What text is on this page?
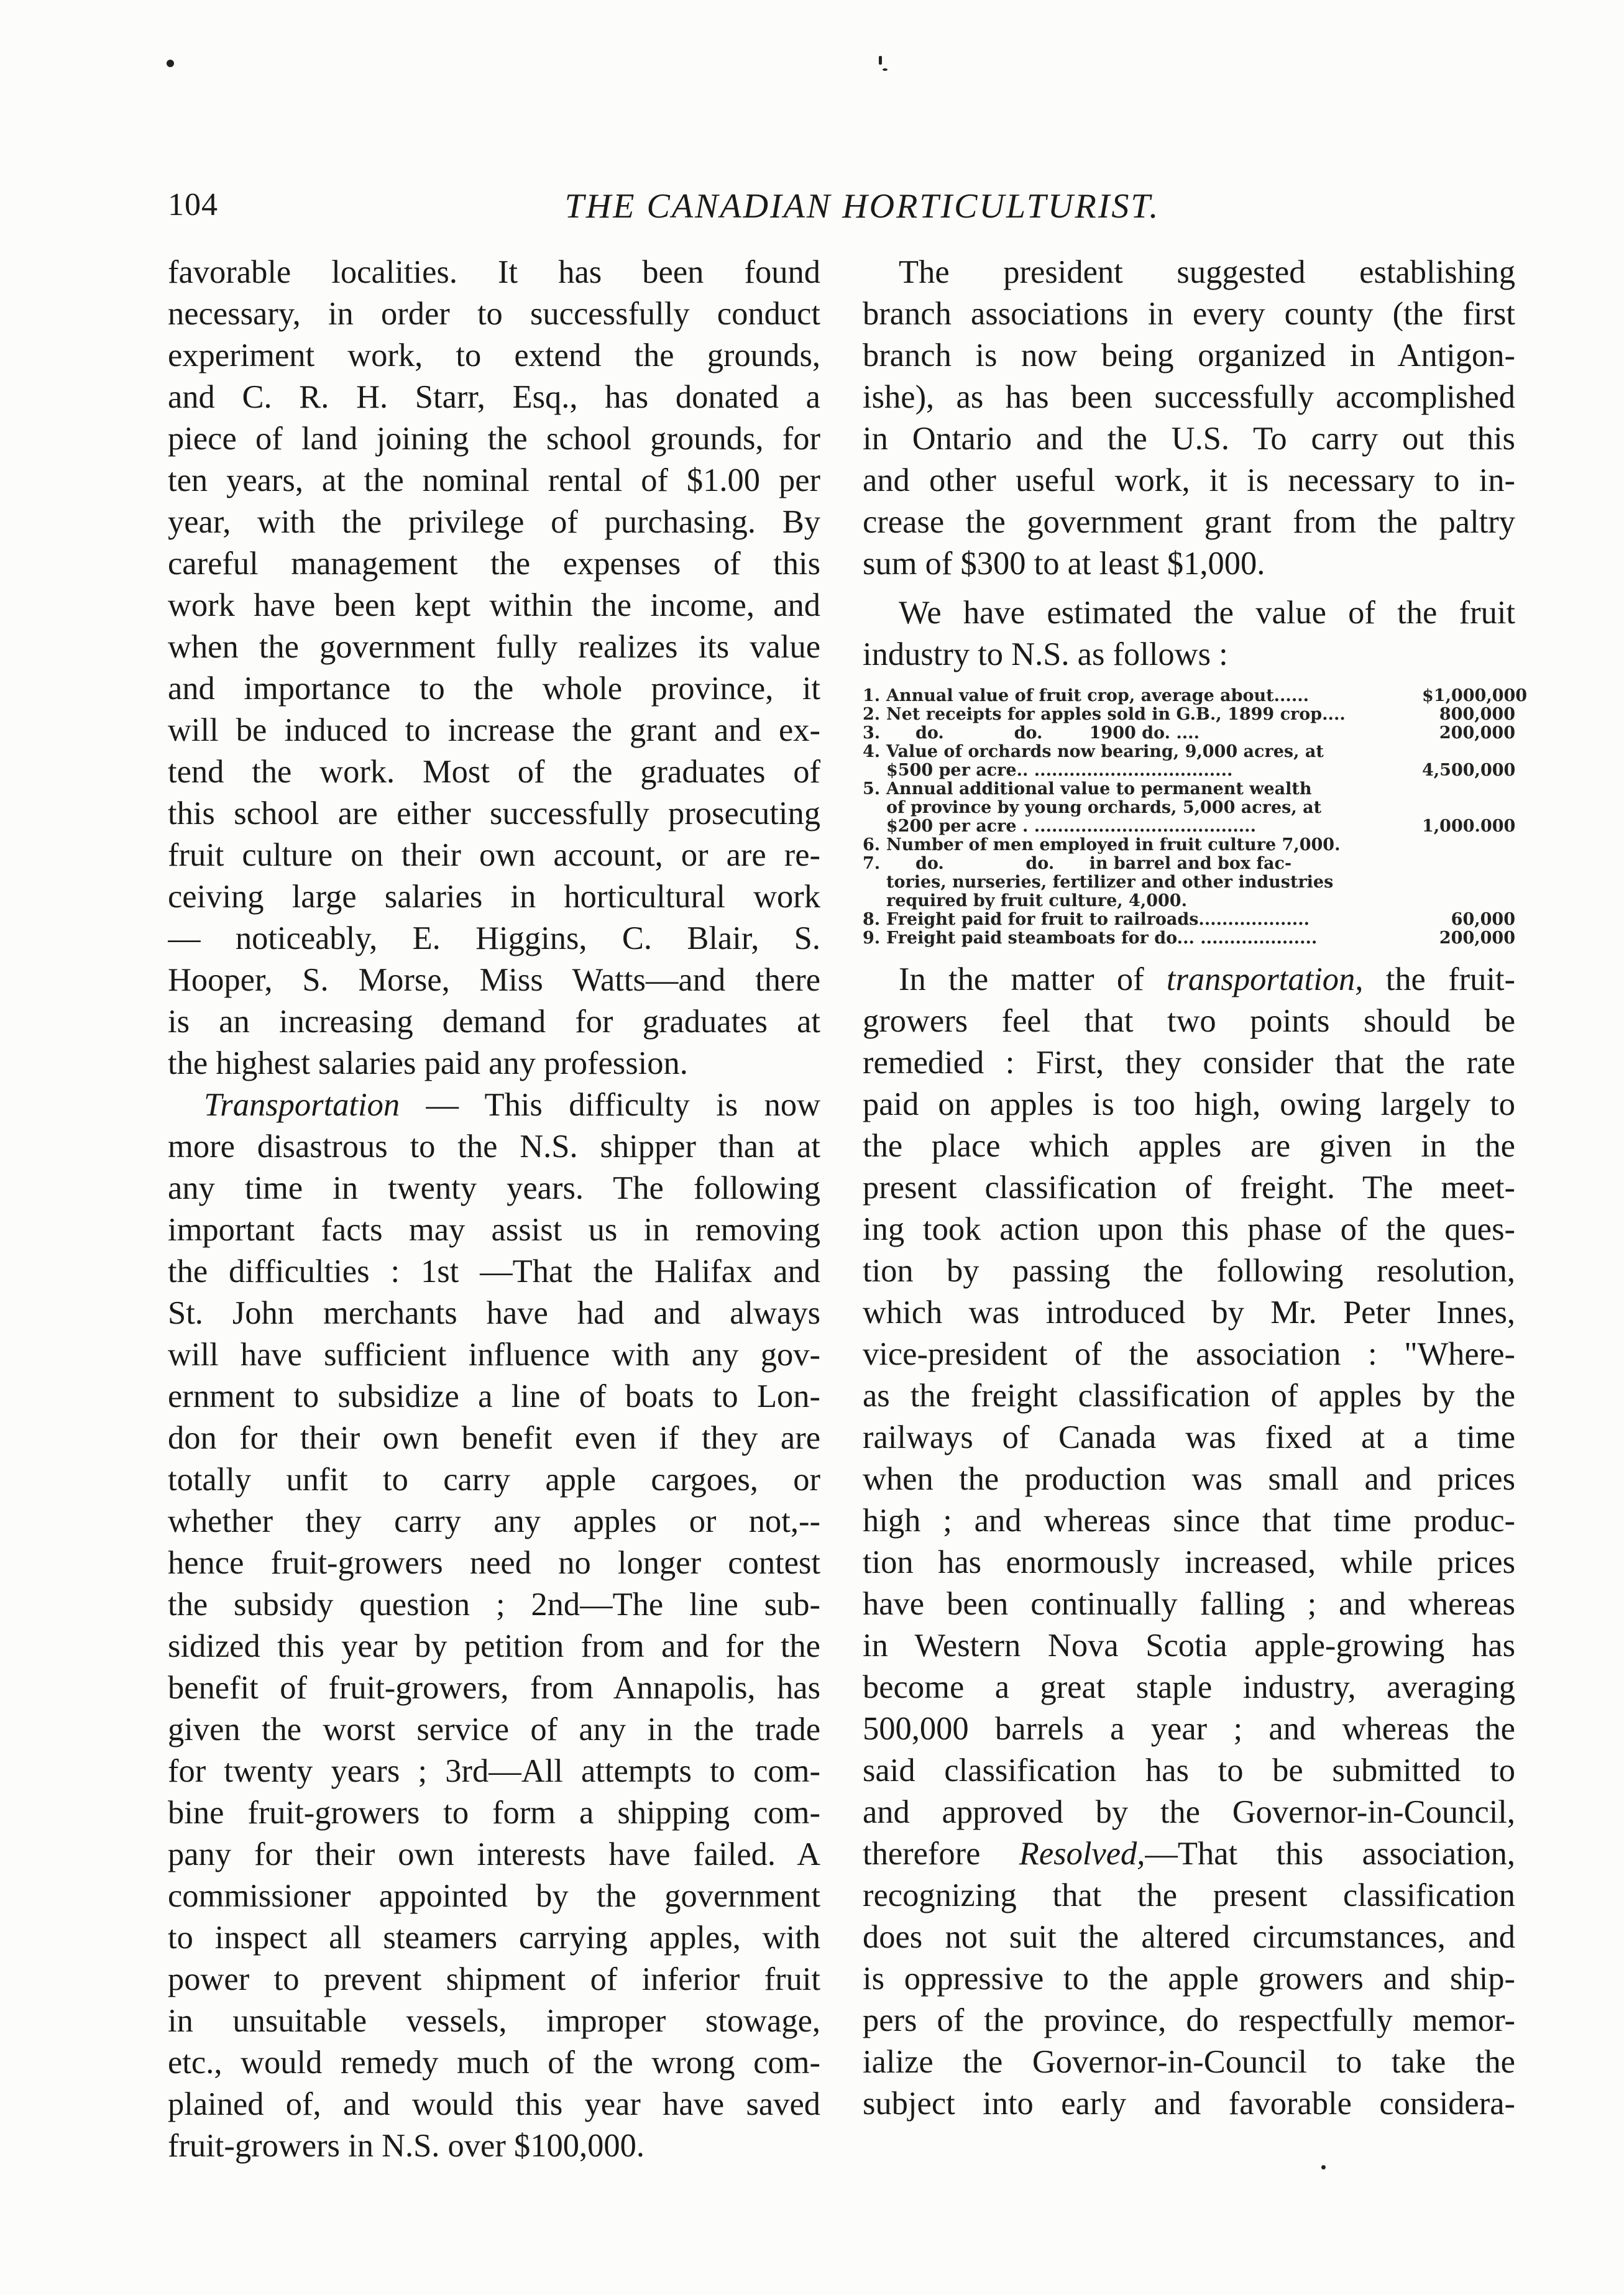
104	THE CANADIAN HORTICULTURIST.
favorable localities. It has been found
necessary, in order to successfully conduct
experiment work, to extend the grounds,
and C. R. H. Starr, Esq., has donated a
piece of land joining the school grounds, for
ten years, at the nominal rental of $1.00 per
year, with the privilege of purchasing. By
careful management the expenses of this
work have been kept within the income, and
when the government fully realizes its value
and importance to the whole province, it
will be induced to increase the grant and ex-
tend the work. Most of the graduates of
this school are either successfully prosecuting
fruit culture on their own account, or are re-
ceiving large salaries in horticultural work
— noticeably, E. Higgins, C. Blair, S.
Hooper, S. Morse, Miss Watts—and there
is an increasing demand for graduates at
the highest salaries paid any profession.
Transportation — This difficulty is now
more disastrous to the N.S. shipper than at
any time in twenty years. The following
important facts may assist us in removing
the difficulties : 1st —That the Halifax and
St. John merchants have had and always
will have sufficient influence with any gov-
ernment to subsidize a line of boats to Lon-
don for their own benefit even if they are
totally unfit to carry apple cargoes, or
whether they carry any apples or not,--
hence fruit-growers need no longer contest
the subsidy question ; 2nd—The line sub-
sidized this year by petition from and for the
benefit of fruit-growers, from Annapolis, has
given the worst service of any in the trade
for twenty years ; 3rd—All attempts to com-
bine fruit-growers to form a shipping com-
pany for their own interests have failed. A
commissioner appointed by the government
to inspect all steamers carrying apples, with
power to prevent shipment of inferior fruit
in unsuitable vessels, improper stowage,
etc., would remedy much of the wrong com-
plained of, and would this year have saved
fruit-growers in N.S. over $100,000.
The president suggested establishing
branch associations in every county (the first
branch is now being organized in Antigon-
ishe), as has been successfully accomplished
in Ontario and the U.S. To carry out this
and other useful work, it is necessary to in-
crease the government grant from the paltry
sum of $300 to at least $1,000.
We have estimated the value of the fruit
industry to N.S. as follows :
1. Annual value of fruit crop, average about......	$1,000,000
2. Net receipts for apples sold in G.B., 1899 crop....	800,000
3. do.            do.        1900 do. ....	200,000
4. Value of orchards now bearing, 9,000 acres, at
$500 per acre.. ..................................	4,500,000
5. Annual additional value to permanent wealth
of province by young orchards, 5,000 acres, at
$200 per acre . ......................................	1,000.000
6. Number of men employed in fruit culture 7,000.
7. do.              do.      in barrel and box fac-
tories, nurseries, fertilizer and other industries
required by fruit culture, 4,000.
8. Freight paid for fruit to railroads...................	60,000
9. Freight paid steamboats for do... ....................	200,000
In the matter of transportation, the fruit-
growers feel that two points should be
remedied : First, they consider that the rate
paid on apples is too high, owing largely to
the place which apples are given in the
present classification of freight. The meet-
ing took action upon this phase of the ques-
tion by passing the following resolution,
which was introduced by Mr. Peter Innes,
vice-president of the association : "Where-
as the freight classification of apples by the
railways of Canada was fixed at a time
when the production was small and prices
high ; and whereas since that time produc-
tion has enormously increased, while prices
have been continually falling ; and whereas
in Western Nova Scotia apple-growing has
become a great staple industry, averaging
500,000 barrels a year ; and whereas the
said classification has to be submitted to
and approved by the Governor-in-Council,
therefore Resolved,—That this association,
recognizing that the present classification
does not suit the altered circumstances, and
is oppressive to the apple growers and ship-
pers of the province, do respectfully memor-
ialize the Governor-in-Council to take the
subject into early and favorable considera-
